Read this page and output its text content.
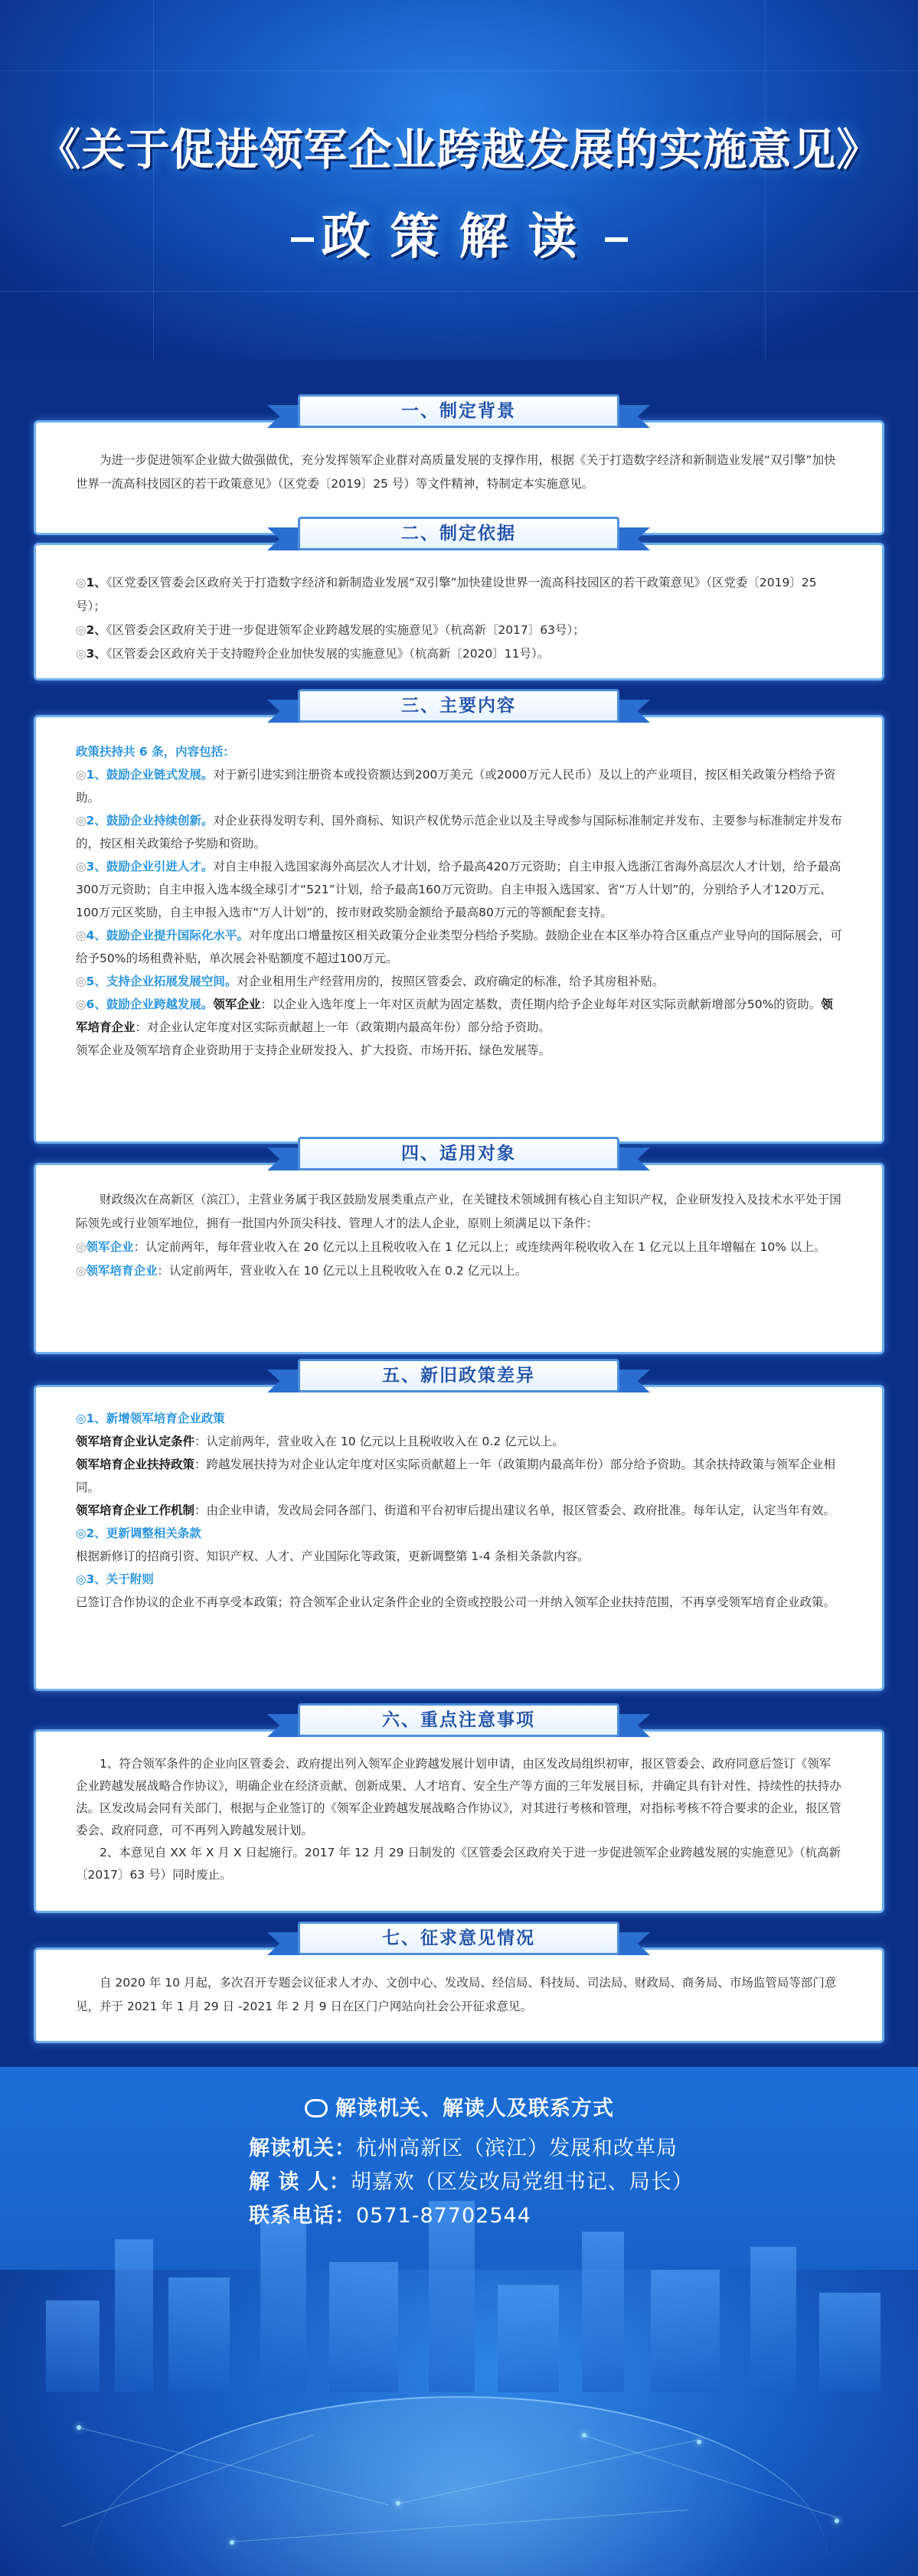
《关于促进领军企业跨越发展的实施意见》
政策解读

为进一步促进领军企业做大做强做优，充分发挥领军企业群对高质量发展的支撑作用，根据《关于打造数字经济和新制造业发展“双引擎”加快世界一流高科技园区的若干政策意见》（区党委〔2019〕25 号）等文件精神，特制定本实施意见。

一、制定背景

◎1、《区党委区管委会区政府关于打造数字经济和新制造业发展“双引擎”加快建设世界一流高科技园区的若干政策意见》（区党委〔2019〕25号）；

◎2、《区管委会区政府关于进一步促进领军企业跨越发展的实施意见》（杭高新〔2017〕63号）；

◎3、《区管委会区政府关于支持瞪羚企业加快发展的实施意见》（杭高新〔2020〕11号）。

二、制定依据

政策扶持共 6 条，内容包括：

◎1、鼓励企业链式发展。对于新引进实到注册资本或投资额达到200万美元（或2000万元人民币）及以上的产业项目，按区相关政策分档给予资助。

◎2、鼓励企业持续创新。对企业获得发明专利、国外商标、知识产权优势示范企业以及主导或参与国际标准制定并发布、主要参与标准制定并发布的，按区相关政策给予奖励和资助。

◎3、鼓励企业引进人才。对自主申报入选国家海外高层次人才计划，给予最高420万元资助；自主申报入选浙江省海外高层次人才计划，给予最高300万元资助；自主申报入选本级全球引才“521”计划，给予最高160万元资助。自主申报入选国家、省“万人计划”的，分别给予人才120万元、100万元区奖励，自主申报入选市“万人计划”的，按市财政奖励金额给予最高80万元的等额配套支持。

◎4、鼓励企业提升国际化水平。对年度出口增量按区相关政策分企业类型分档给予奖励。鼓励企业在本区举办符合区重点产业导向的国际展会，可给予50%的场租费补贴，单次展会补贴额度不超过100万元。

◎5、支持企业拓展发展空间。对企业租用生产经营用房的，按照区管委会、政府确定的标准，给予其房租补贴。

◎6、鼓励企业跨越发展。领军企业：以企业入选年度上一年对区贡献为固定基数，责任期内给予企业每年对区实际贡献新增部分50%的资助。领军培育企业：对企业认定年度对区实际贡献超上一年（政策期内最高年份）部分给予资助。

领军企业及领军培育企业资助用于支持企业研发投入、扩大投资、市场开拓、绿色发展等。

三、主要内容

财政级次在高新区（滨江），主营业务属于我区鼓励发展类重点产业，在关键技术领域拥有核心自主知识产权，企业研发投入及技术水平处于国际领先或行业领军地位，拥有一批国内外顶尖科技、管理人才的法人企业，原则上须满足以下条件：

◎领军企业：认定前两年，每年营业收入在 20 亿元以上且税收收入在 1 亿元以上；或连续两年税收收入在 1 亿元以上且年增幅在 10% 以上。

◎领军培育企业：认定前两年，营业收入在 10 亿元以上且税收收入在 0.2 亿元以上。

四、适用对象

◎1、新增领军培育企业政策

领军培育企业认定条件：认定前两年，营业收入在 10 亿元以上且税收收入在 0.2 亿元以上。

领军培育企业扶持政策：跨越发展扶持为对企业认定年度对区实际贡献超上一年（政策期内最高年份）部分给予资助。其余扶持政策与领军企业相同。

领军培育企业工作机制：由企业申请，发改局会同各部门、街道和平台初审后提出建议名单，报区管委会、政府批准。每年认定，认定当年有效。

◎2、更新调整相关条款

根据新修订的招商引资、知识产权、人才、产业国际化等政策，更新调整第 1-4 条相关条款内容。

◎3、关于附则

已签订合作协议的企业不再享受本政策；符合领军企业认定条件企业的全资或控股公司一并纳入领军企业扶持范围，不再享受领军培育企业政策。

五、新旧政策差异

1、符合领军条件的企业向区管委会、政府提出列入领军企业跨越发展计划申请，由区发改局组织初审，报区管委会、政府同意后签订《领军企业跨越发展战略合作协议》，明确企业在经济贡献、创新成果、人才培育、安全生产等方面的三年发展目标，并确定具有针对性、持续性的扶持办法。区发改局会同有关部门，根据与企业签订的《领军企业跨越发展战略合作协议》，对其进行考核和管理，对指标考核不符合要求的企业，报区管委会、政府同意，可不再列入跨越发展计划。

2、本意见自 XX 年 X 月 X 日起施行。2017 年 12 月 29 日制发的《区管委会区政府关于进一步促进领军企业跨越发展的实施意见》（杭高新〔2017〕63 号）同时废止。

六、重点注意事项

自 2020 年 10 月起，多次召开专题会议征求人才办、文创中心、发改局、经信局、科技局、司法局、财政局、商务局、市场监管局等部门意见，并于 2021 年 1 月 29 日 -2021 年 2 月 9 日在区门户网站向社会公开征求意见。

七、征求意见情况
解读机关、解读人及联系方式
解读机关：杭州高新区（滨江）发展和改革局
解 读 人：胡嘉欢（区发改局党组书记、局长）
联系电话：0571-87702544
